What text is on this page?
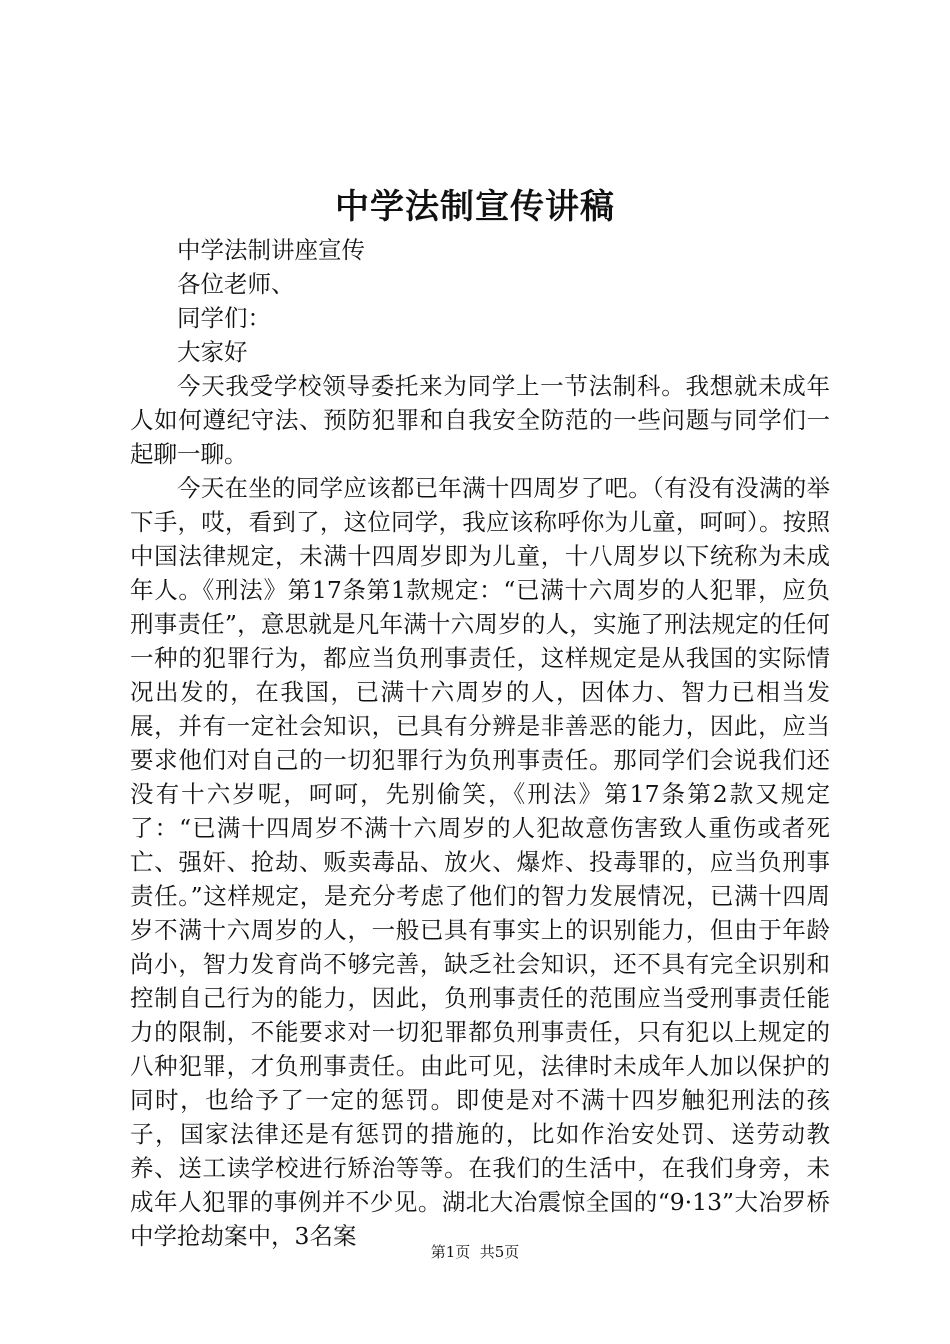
中学法制宣传讲稿

中学法制讲座宣传

各位老师、

同学们：

大家好

今天我受学校领导委托来为同学上一节法制科。我想就未成年人如何遵纪守法、预防犯罪和自我安全防范的一些问题与同学们一起聊一聊。

今天在坐的同学应该都已年满十四周岁了吧。（有没有没满的举下手，哎，看到了，这位同学，我应该称呼你为儿童，呵呵）。按照中国法律规定，未满十四周岁即为儿童，十八周岁以下统称为未成年人。《刑法》第17条第1款规定：“已满十六周岁的人犯罪，应负刑事责任”，意思就是凡年满十六周岁的人，实施了刑法规定的任何一种的犯罪行为，都应当负刑事责任，这样规定是从我国的实际情况出发的，在我国，已满十六周岁的人，因体力、智力已相当发展，并有一定社会知识，已具有分辨是非善恶的能力，因此，应当要求他们对自己的一切犯罪行为负刑事责任。那同学们会说我们还没有十六岁呢，呵呵，先别偷笑，《刑法》第17条第2款又规定了：“已满十四周岁不满十六周岁的人犯故意伤害致人重伤或者死亡、强奸、抢劫、贩卖毒品、放火、爆炸、投毒罪的，应当负刑事责任。”这样规定，是充分考虑了他们的智力发展情况，已满十四周岁不满十六周岁的人，一般已具有事实上的识别能力，但由于年龄尚小，智力发育尚不够完善，缺乏社会知识，还不具有完全识别和控制自己行为的能力，因此，负刑事责任的范围应当受刑事责任能力的限制，不能要求对一切犯罪都负刑事责任，只有犯以上规定的八种犯罪，才负刑事责任。由此可见，法律时未成年人加以保护的同时，也给予了一定的惩罚。即使是对不满十四岁触犯刑法的孩子，国家法律还是有惩罚的措施的，比如作治安处罚、送劳动教养、送工读学校进行矫治等等。在我们的生活中，在我们身旁，未成年人犯罪的事例并不少见。湖北大冶震惊全国的“9·13”大冶罗桥中学抢劫案中，3名案

第1页  共5页
